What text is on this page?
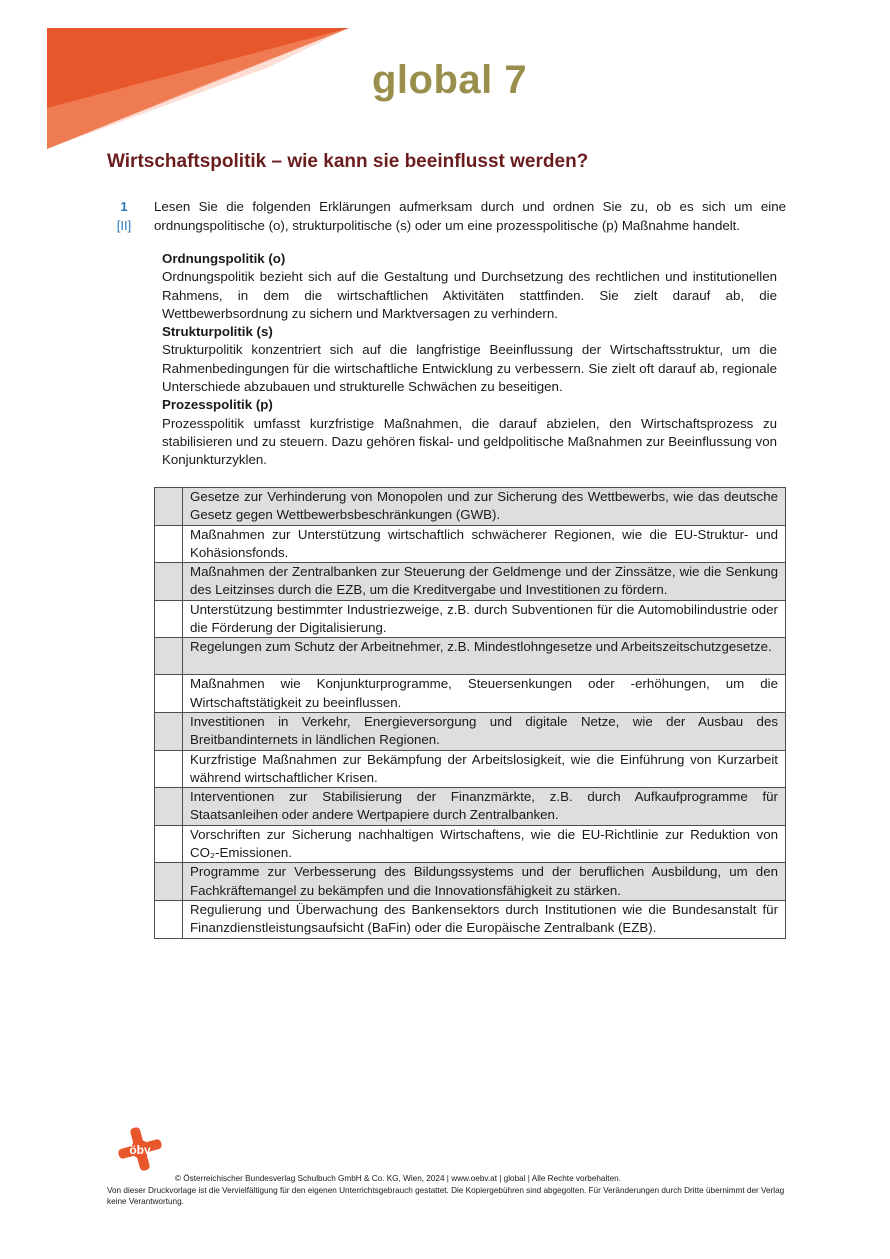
global 7
Wirtschaftspolitik – wie kann sie beeinflusst werden?
1
[II]
Lesen Sie die folgenden Erklärungen aufmerksam durch und ordnen Sie zu, ob es sich um eine ordnungspolitische (o), strukturpolitische (s) oder um eine prozesspolitische (p) Maßnahme handelt.
Ordnungspolitik (o)
Ordnungspolitik bezieht sich auf die Gestaltung und Durchsetzung des rechtlichen und institutionellen Rahmens, in dem die wirtschaftlichen Aktivitäten stattfinden. Sie zielt darauf ab, die Wettbewerbsordnung zu sichern und Marktversagen zu verhindern.
Strukturpolitik (s)
Strukturpolitik konzentriert sich auf die langfristige Beeinflussung der Wirtschaftsstruktur, um die Rahmenbedingungen für die wirtschaftliche Entwicklung zu verbessern. Sie zielt oft darauf ab, regionale Unterschiede abzubauen und strukturelle Schwächen zu beseitigen.
Prozesspolitik (p)
Prozesspolitik umfasst kurzfristige Maßnahmen, die darauf abzielen, den Wirtschaftsprozess zu stabilisieren und zu steuern. Dazu gehören fiskal- und geldpolitische Maßnahmen zur Beeinflussung von Konjunkturzyklen.
	Gesetze zur Verhinderung von Monopolen und zur Sicherung des Wettbewerbs, wie das deutsche Gesetz gegen Wettbewerbsbeschränkungen (GWB).
	Maßnahmen zur Unterstützung wirtschaftlich schwächerer Regionen, wie die EU-Struktur- und Kohäsionsfonds.
	Maßnahmen der Zentralbanken zur Steuerung der Geldmenge und der Zinssätze, wie die Senkung des Leitzinses durch die EZB, um die Kreditvergabe und Investitionen zu fördern.
	Unterstützung bestimmter Industriezweige, z.B. durch Subventionen für die Automobilindustrie oder die Förderung der Digitalisierung.
	Regelungen zum Schutz der Arbeitnehmer, z.B. Mindestlohngesetze und Arbeitszeitschutzgesetze.
	Maßnahmen wie Konjunkturprogramme, Steuersenkungen oder -erhöhungen, um die Wirtschaftstätigkeit zu beeinflussen.
	Investitionen in Verkehr, Energieversorgung und digitale Netze, wie der Ausbau des Breitbandinternets in ländlichen Regionen.
	Kurzfristige Maßnahmen zur Bekämpfung der Arbeitslosigkeit, wie die Einführung von Kurzarbeit während wirtschaftlicher Krisen.
	Interventionen zur Stabilisierung der Finanzmärkte, z.B. durch Aufkaufprogramme für Staatsanleihen oder andere Wertpapiere durch Zentralbanken.
	Vorschriften zur Sicherung nachhaltigen Wirtschaftens, wie die EU-Richtlinie zur Reduktion von CO₂-Emissionen.
	Programme zur Verbesserung des Bildungssystems und der beruflichen Ausbildung, um den Fachkräftemangel zu bekämpfen und die Innovationsfähigkeit zu stärken.
	Regulierung und Überwachung des Bankensektors durch Institutionen wie die Bundesanstalt für Finanzdienstleistungsaufsicht (BaFin) oder die Europäische Zentralbank (EZB).
öbv
© Österreichischer Bundesverlag Schulbuch GmbH & Co. KG, Wien, 2024 | www.oebv.at | global | Alle Rechte vorbehalten.
Von dieser Druckvorlage ist die Vervielfältigung für den eigenen Unterrichtsgebrauch gestattet. Die Kopiergebühren sind abgegolten. Für Veränderungen durch Dritte übernimmt der Verlag keine Verantwortung.
